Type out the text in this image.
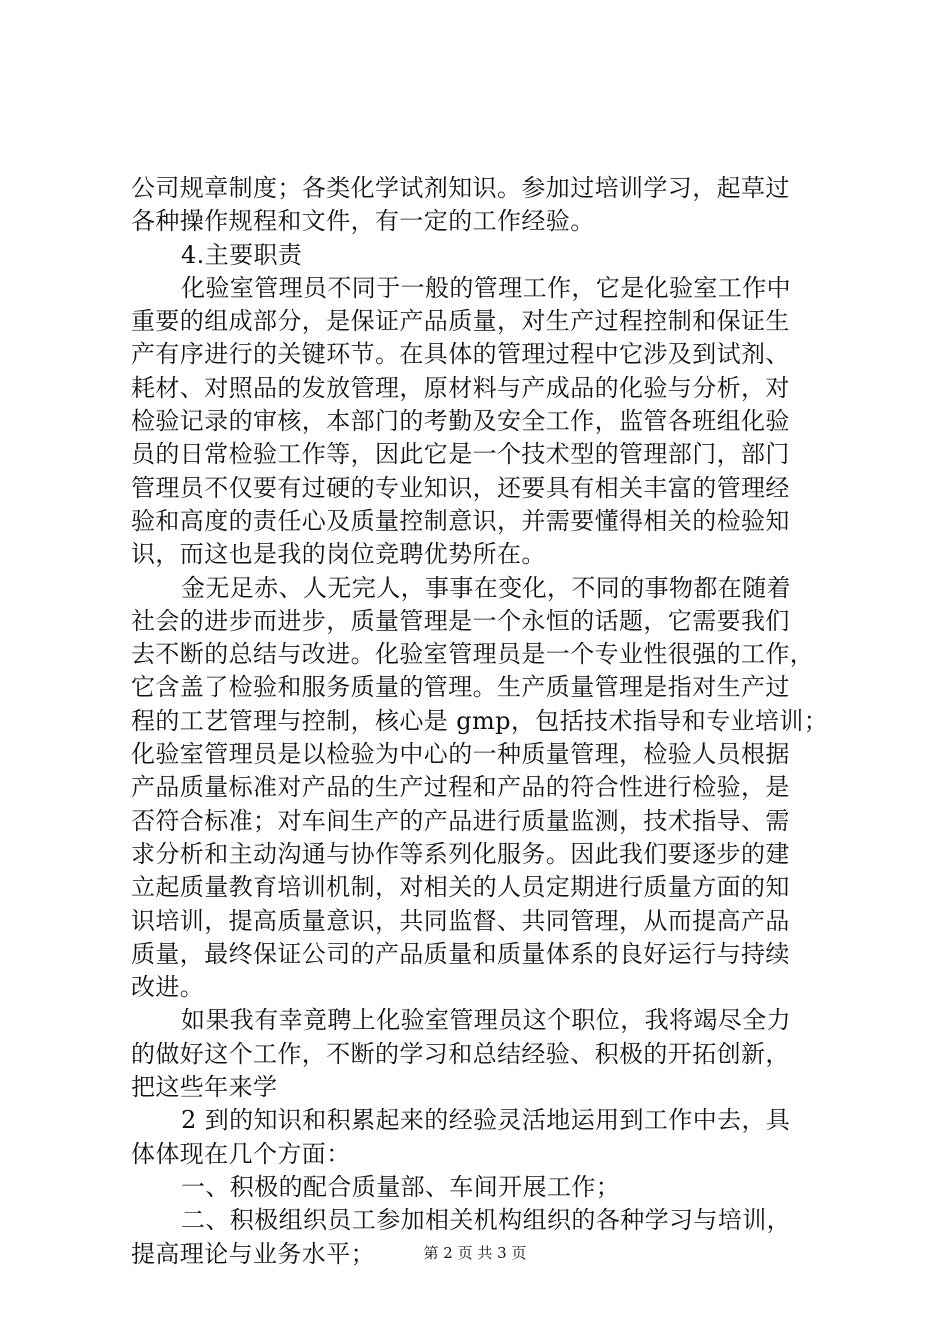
公司规章制度；各类化学试剂知识。参加过培训学习，起草过
各种操作规程和文件，有一定的工作经验。
4.主要职责
化验室管理员不同于一般的管理工作，它是化验室工作中
重要的组成部分，是保证产品质量，对生产过程控制和保证生
产有序进行的关键环节。在具体的管理过程中它涉及到试剂、
耗材、对照品的发放管理，原材料与产成品的化验与分析，对
检验记录的审核，本部门的考勤及安全工作，监管各班组化验
员的日常检验工作等，因此它是一个技术型的管理部门，部门
管理员不仅要有过硬的专业知识，还要具有相关丰富的管理经
验和高度的责任心及质量控制意识，并需要懂得相关的检验知
识，而这也是我的岗位竞聘优势所在。
金无足赤、人无完人，事事在变化，不同的事物都在随着
社会的进步而进步，质量管理是一个永恒的话题，它需要我们
去不断的总结与改进。化验室管理员是一个专业性很强的工作，
它含盖了检验和服务质量的管理。生产质量管理是指对生产过
程的工艺管理与控制，核心是 gmp，包括技术指导和专业培训；
化验室管理员是以检验为中心的一种质量管理，检验人员根据
产品质量标准对产品的生产过程和产品的符合性进行检验，是
否符合标准；对车间生产的产品进行质量监测，技术指导、需
求分析和主动沟通与协作等系列化服务。因此我们要逐步的建
立起质量教育培训机制，对相关的人员定期进行质量方面的知
识培训，提高质量意识，共同监督、共同管理，从而提高产品
质量，最终保证公司的产品质量和质量体系的良好运行与持续
改进。
如果我有幸竟聘上化验室管理员这个职位，我将竭尽全力
的做好这个工作，不断的学习和总结经验、积极的开拓创新，
把这些年来学
2 到的知识和积累起来的经验灵活地运用到工作中去，具
体体现在几个方面：
一、积极的配合质量部、车间开展工作；
二、积极组织员工参加相关机构组织的各种学习与培训，
提高理论与业务水平；	第 2 页 共 3 页
